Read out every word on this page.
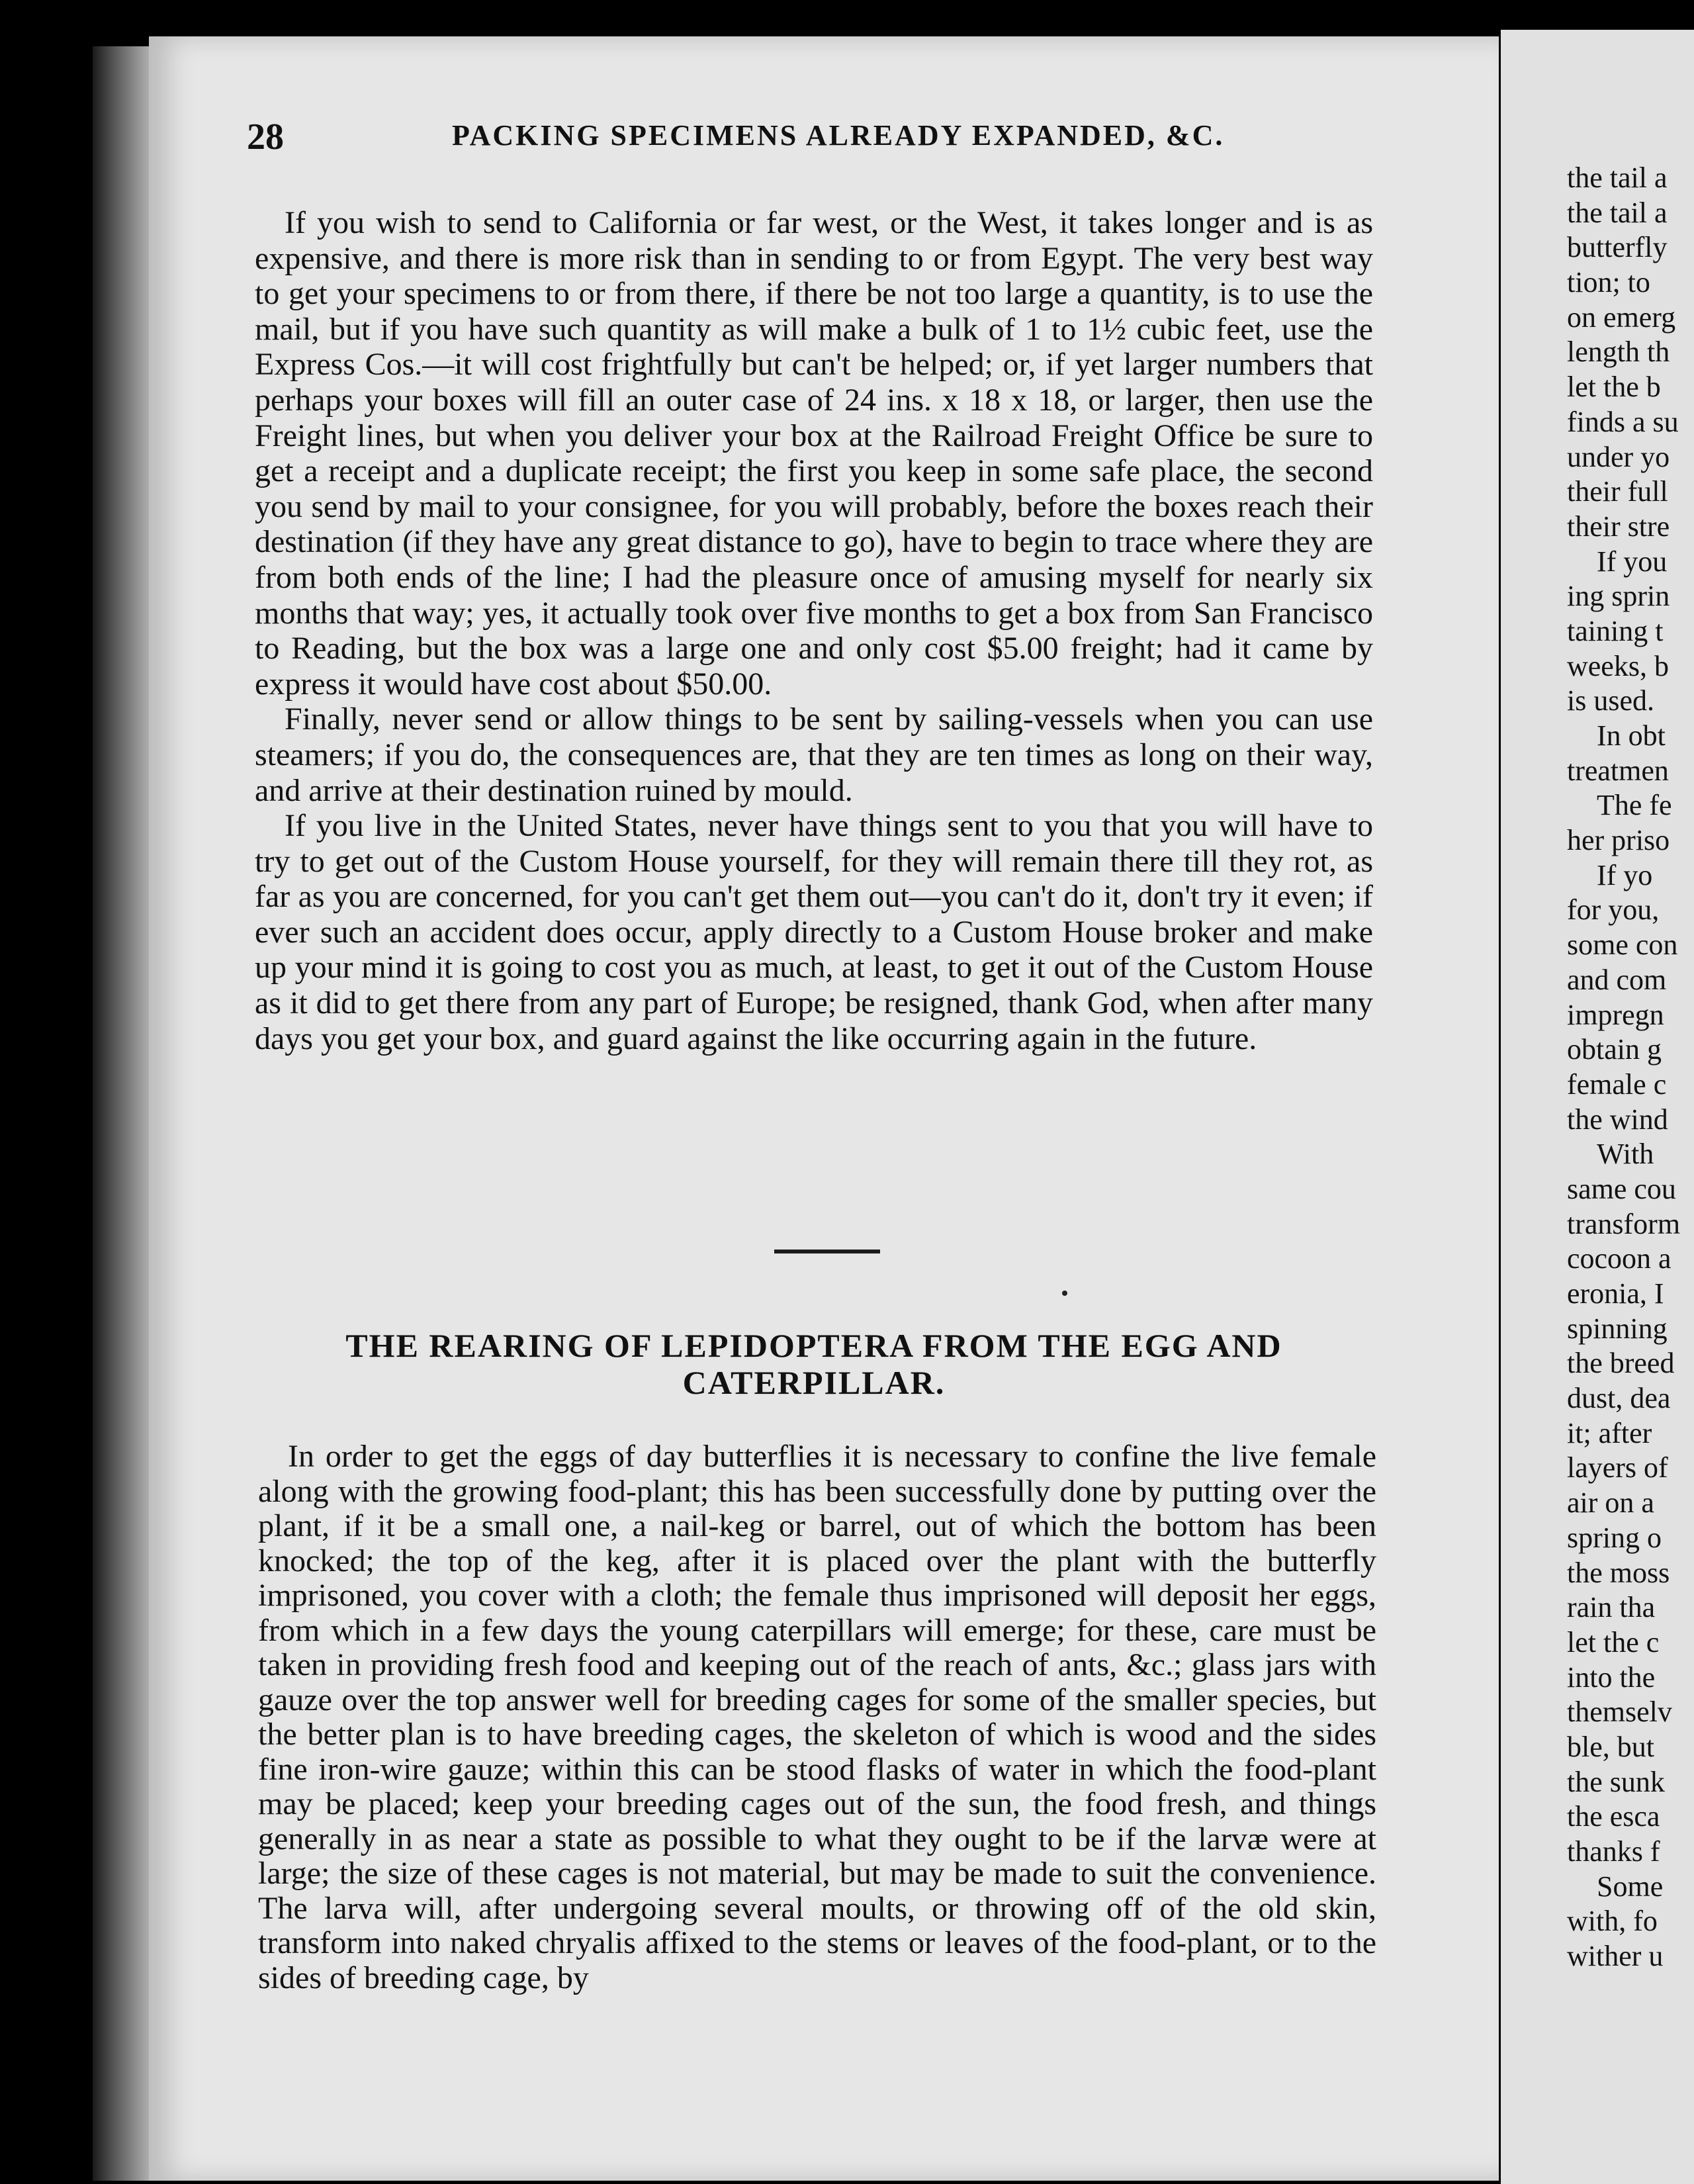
28	PACKING SPECIMENS ALREADY EXPANDED, &C.

If you wish to send to California or far west, or the West, it takes longer and is as expensive, and there is more risk than in sending to or from Egypt. The very best way to get your specimens to or from there, if there be not too large a quantity, is to use the mail, but if you have such quantity as will make a bulk of 1 to 1½ cubic feet, use the Express Cos.—it will cost frightfully but can't be helped; or, if yet larger numbers that perhaps your boxes will fill an outer case of 24 ins. x 18 x 18, or larger, then use the Freight lines, but when you deliver your box at the Railroad Freight Office be sure to get a receipt and a duplicate receipt; the first you keep in some safe place, the second you send by mail to your consignee, for you will probably, before the boxes reach their destination (if they have any great distance to go), have to begin to trace where they are from both ends of the line; I had the pleasure once of amusing myself for nearly six months that way; yes, it actually took over five months to get a box from San Francisco to Reading, but the box was a large one and only cost $5.00 freight; had it came by express it would have cost about $50.00.

Finally, never send or allow things to be sent by sailing-vessels when you can use steamers; if you do, the consequences are, that they are ten times as long on their way, and arrive at their destination ruined by mould.

If you live in the United States, never have things sent to you that you will have to try to get out of the Custom House yourself, for they will remain there till they rot, as far as you are concerned, for you can't get them out—you can't do it, don't try it even; if ever such an accident does occur, apply directly to a Custom House broker and make up your mind it is going to cost you as much, at least, to get it out of the Custom House as it did to get there from any part of Europe; be resigned, thank God, when after many days you get your box, and guard against the like occurring again in the future.

THE REARING OF LEPIDOPTERA FROM THE EGG AND CATERPILLAR.

In order to get the eggs of day butterflies it is necessary to confine the live female along with the growing food-plant; this has been successfully done by putting over the plant, if it be a small one, a nail-keg or barrel, out of which the bottom has been knocked; the top of the keg, after it is placed over the plant with the butterfly imprisoned, you cover with a cloth; the female thus imprisoned will deposit her eggs, from which in a few days the young caterpillars will emerge; for these, care must be taken in providing fresh food and keeping out of the reach of ants, &c.; glass jars with gauze over the top answer well for breeding cages for some of the smaller species, but the better plan is to have breeding cages, the skeleton of which is wood and the sides fine iron-wire gauze; within this can be stood flasks of water in which the food-plant may be placed; keep your breeding cages out of the sun, the food fresh, and things generally in as near a state as possible to what they ought to be if the larvæ were at large; the size of these cages is not material, but may be made to suit the convenience. The larva will, after undergoing several moults, or throwing off of the old skin, transform into naked chryalis affixed to the stems or leaves of the food-plant, or to the sides of breeding cage, by

the tail a
the tail a
butterfly
tion; to
on emerg
length th
let the b
finds a su
under yo
their full
their stre
If you
ing sprin
taining t
weeks, b
is used.
In obt
treatmen
The fe
her priso
If yo
for you,
some con
and com
impregn
obtain g
female c
the wind
With
same cou
transform
cocoon a
eronia, I
spinning
the breed
dust, dea
it; after
layers of
air on a
spring o
the moss
rain tha
let the c
into the
themselv
ble, but
the sunk
the esca
thanks f
Some
with, fo
wither u
